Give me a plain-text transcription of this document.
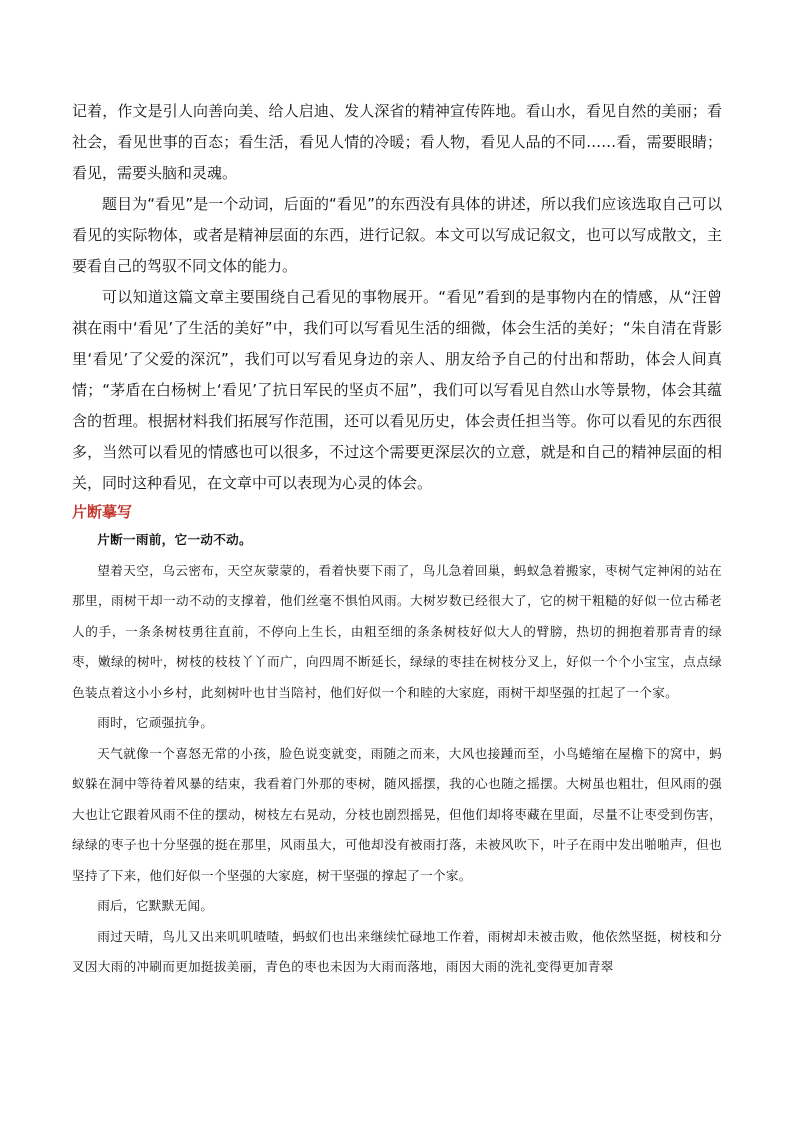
记着，作文是引人向善向美、给人启迪、发人深省的精神宣传阵地。看山水，看见自然的美丽；看社会，看见世事的百态；看生活，看见人情的冷暖；看人物，看见人品的不同……看，需要眼睛；看见，需要头脑和灵魂。

题目为“看见”是一个动词，后面的“看见”的东西没有具体的讲述，所以我们应该选取自己可以看见的实际物体，或者是精神层面的东西，进行记叙。本文可以写成记叙文，也可以写成散文，主要看自己的驾驭不同文体的能力。

可以知道这篇文章主要围绕自己看见的事物展开。“看见”看到的是事物内在的情感，从“汪曾祺在雨中‘看见’了生活的美好”中，我们可以写看见生活的细微，体会生活的美好；“朱自清在背影里‘看见’了父爱的深沉”，我们可以写看见身边的亲人、朋友给予自己的付出和帮助，体会人间真情；“茅盾在白杨树上‘看见’了抗日军民的坚贞不屈”，我们可以写看见自然山水等景物，体会其蕴含的哲理。根据材料我们拓展写作范围，还可以看见历史，体会责任担当等。你可以看见的东西很多，当然可以看见的情感也可以很多，不过这个需要更深层次的立意，就是和自己的精神层面的相关，同时这种看见，在文章中可以表现为心灵的体会。

片断摹写

片断一雨前，它一动不动。

望着天空，乌云密布，天空灰蒙蒙的，看着快要下雨了，鸟儿急着回巢，蚂蚁急着搬家，枣树气定神闲的站在那里，雨树干却一动不动的支撑着，他们丝毫不惧怕风雨。大树岁数已经很大了，它的树干粗糙的好似一位古稀老人的手，一条条树枝勇往直前，不停向上生长，由粗至细的条条树枝好似大人的臂膀，热切的拥抱着那青青的绿枣，嫩绿的树叶，树枝的枝枝丫丫而广，向四周不断延长，绿绿的枣挂在树枝分叉上，好似一个个小宝宝，点点绿色装点着这小小乡村，此刻树叶也甘当陪衬，他们好似一个和睦的大家庭，雨树干却坚强的扛起了一个家。

雨时，它顽强抗争。

天气就像一个喜怒无常的小孩，脸色说变就变，雨随之而来，大风也接踵而至，小鸟蜷缩在屋檐下的窝中，蚂蚁躲在洞中等待着风暴的结束，我看着门外那的枣树，随风摇摆，我的心也随之摇摆。大树虽也粗壮，但风雨的强大也让它跟着风雨不住的摆动，树枝左右晃动，分枝也剧烈摇晃，但他们却将枣藏在里面，尽量不让枣受到伤害，绿绿的枣子也十分坚强的挺在那里，风雨虽大，可他却没有被雨打落，未被风吹下，叶子在雨中发出啪啪声，但也坚持了下来，他们好似一个坚强的大家庭，树干坚强的撑起了一个家。

雨后，它默默无闻。

雨过天晴，鸟儿又出来叽叽喳喳，蚂蚁们也出来继续忙碌地工作着，雨树却未被击败，他依然坚挺，树枝和分叉因大雨的冲刷而更加挺拔美丽，青色的枣也未因为大雨而落地，雨因大雨的洗礼变得更加青翠
